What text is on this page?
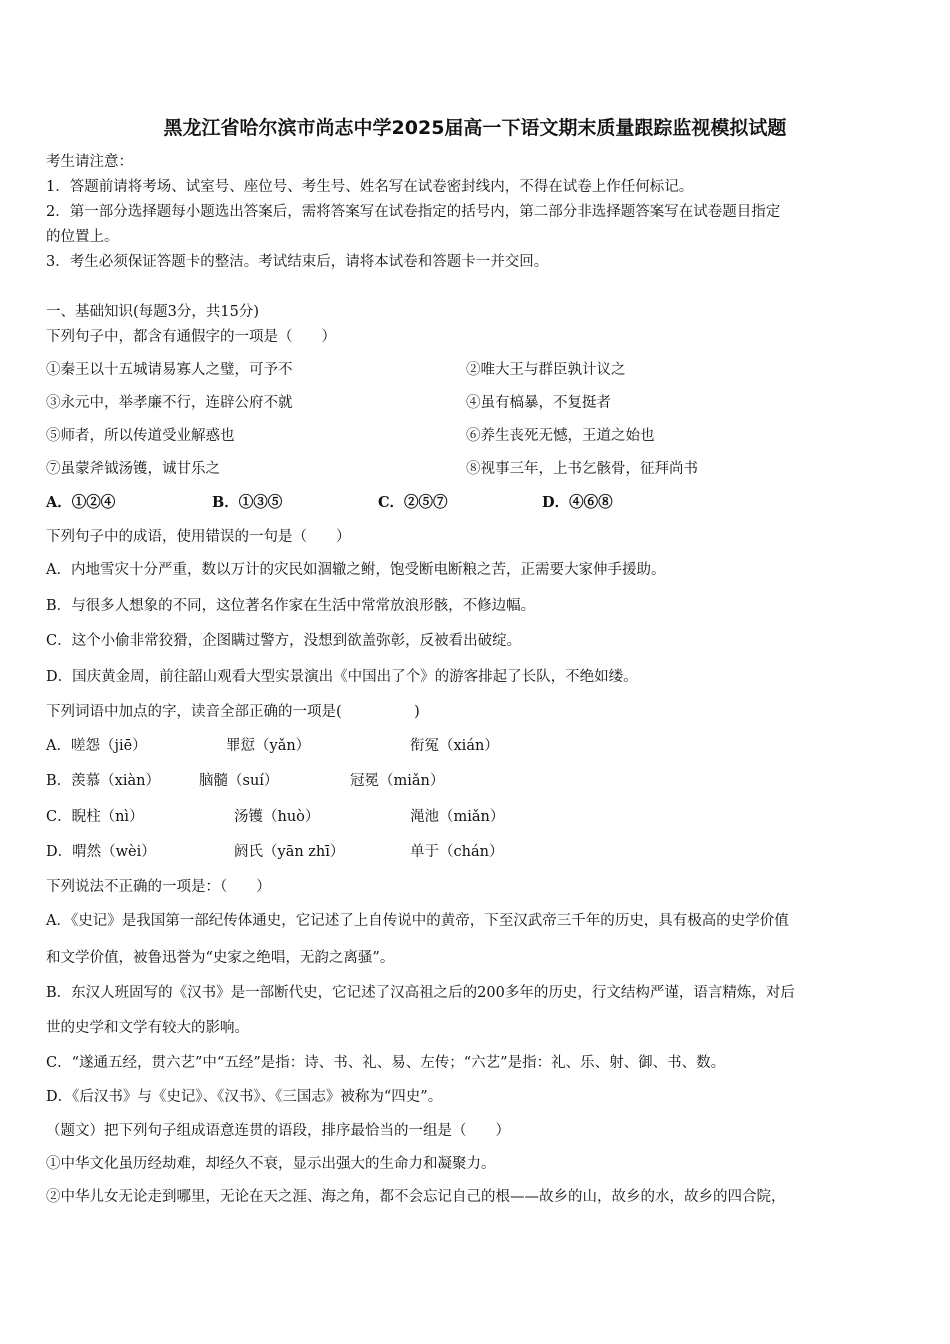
黑龙江省哈尔滨市尚志中学2025届高一下语文期末质量跟踪监视模拟试题
考生请注意：
1．答题前请将考场、试室号、座位号、考生号、姓名写在试卷密封线内，不得在试卷上作任何标记。
2．第一部分选择题每小题选出答案后，需将答案写在试卷指定的括号内，第二部分非选择题答案写在试卷题目指定
的位置上。
3．考生必须保证答题卡的整洁。考试结束后，请将本试卷和答题卡一并交回。
一、基础知识(每题3分，共15分)
下列句子中，都含有通假字的一项是（　　）
①秦王以十五城请易寡人之璧，可予不	②唯大王与群臣孰计议之
③永元中，举孝廉不行，连辟公府不就	④虽有槁暴，不复挺者
⑤师者，所以传道受业解惑也	⑥养生丧死无憾，王道之始也
⑦虽蒙斧钺汤镬，诚甘乐之	⑧视事三年，上书乞骸骨，征拜尚书
A．①②④	B．①③⑤	C．②⑤⑦	D．④⑥⑧
下列句子中的成语，使用错误的一句是（　　）
A．内地雪灾十分严重，数以万计的灾民如涸辙之鲋，饱受断电断粮之苦，正需要大家伸手援助。
B．与很多人想象的不同，这位著名作家在生活中常常放浪形骸，不修边幅。
C．这个小偷非常狡猾，企图瞒过警方，没想到欲盖弥彰，反被看出破绽。
D．国庆黄金周，前往韶山观看大型实景演出《中国出了个》的游客排起了长队，不绝如缕。
下列词语中加点的字，读音全部正确的一项是(　　　　　)
A．嗟怨（jiē）	罪愆（yǎn）	衔冤（xián）
B．羡慕（xiàn）	脑髓（suí）	冠冕（miǎn）
C．睨柱（nì）	汤镬（huò）	渑池（miǎn）
D．喟然（wèi）	阏氏（yān zhī）	单于（chán）
下列说法不正确的一项是：（　　）
A．《史记》是我国第一部纪传体通史，它记述了上自传说中的黄帝，下至汉武帝三千年的历史，具有极高的史学价值
和文学价值，被鲁迅誉为“史家之绝唱，无韵之离骚”。
B．东汉人班固写的《汉书》是一部断代史，它记述了汉高祖之后的200多年的历史，行文结构严谨，语言精炼，对后
世的史学和文学有较大的影响。
C．“遂通五经，贯六艺”中“五经”是指：诗、书、礼、易、左传；“六艺”是指：礼、乐、射、御、书、数。
D．《后汉书》与《史记》、《汉书》、《三国志》被称为“四史”。
（题文）把下列句子组成语意连贯的语段，排序最恰当的一组是（　　）
①中华文化虽历经劫难，却经久不衰，显示出强大的生命力和凝聚力。
②中华儿女无论走到哪里，无论在天之涯、海之角，都不会忘记自己的根——故乡的山，故乡的水，故乡的四合院，
